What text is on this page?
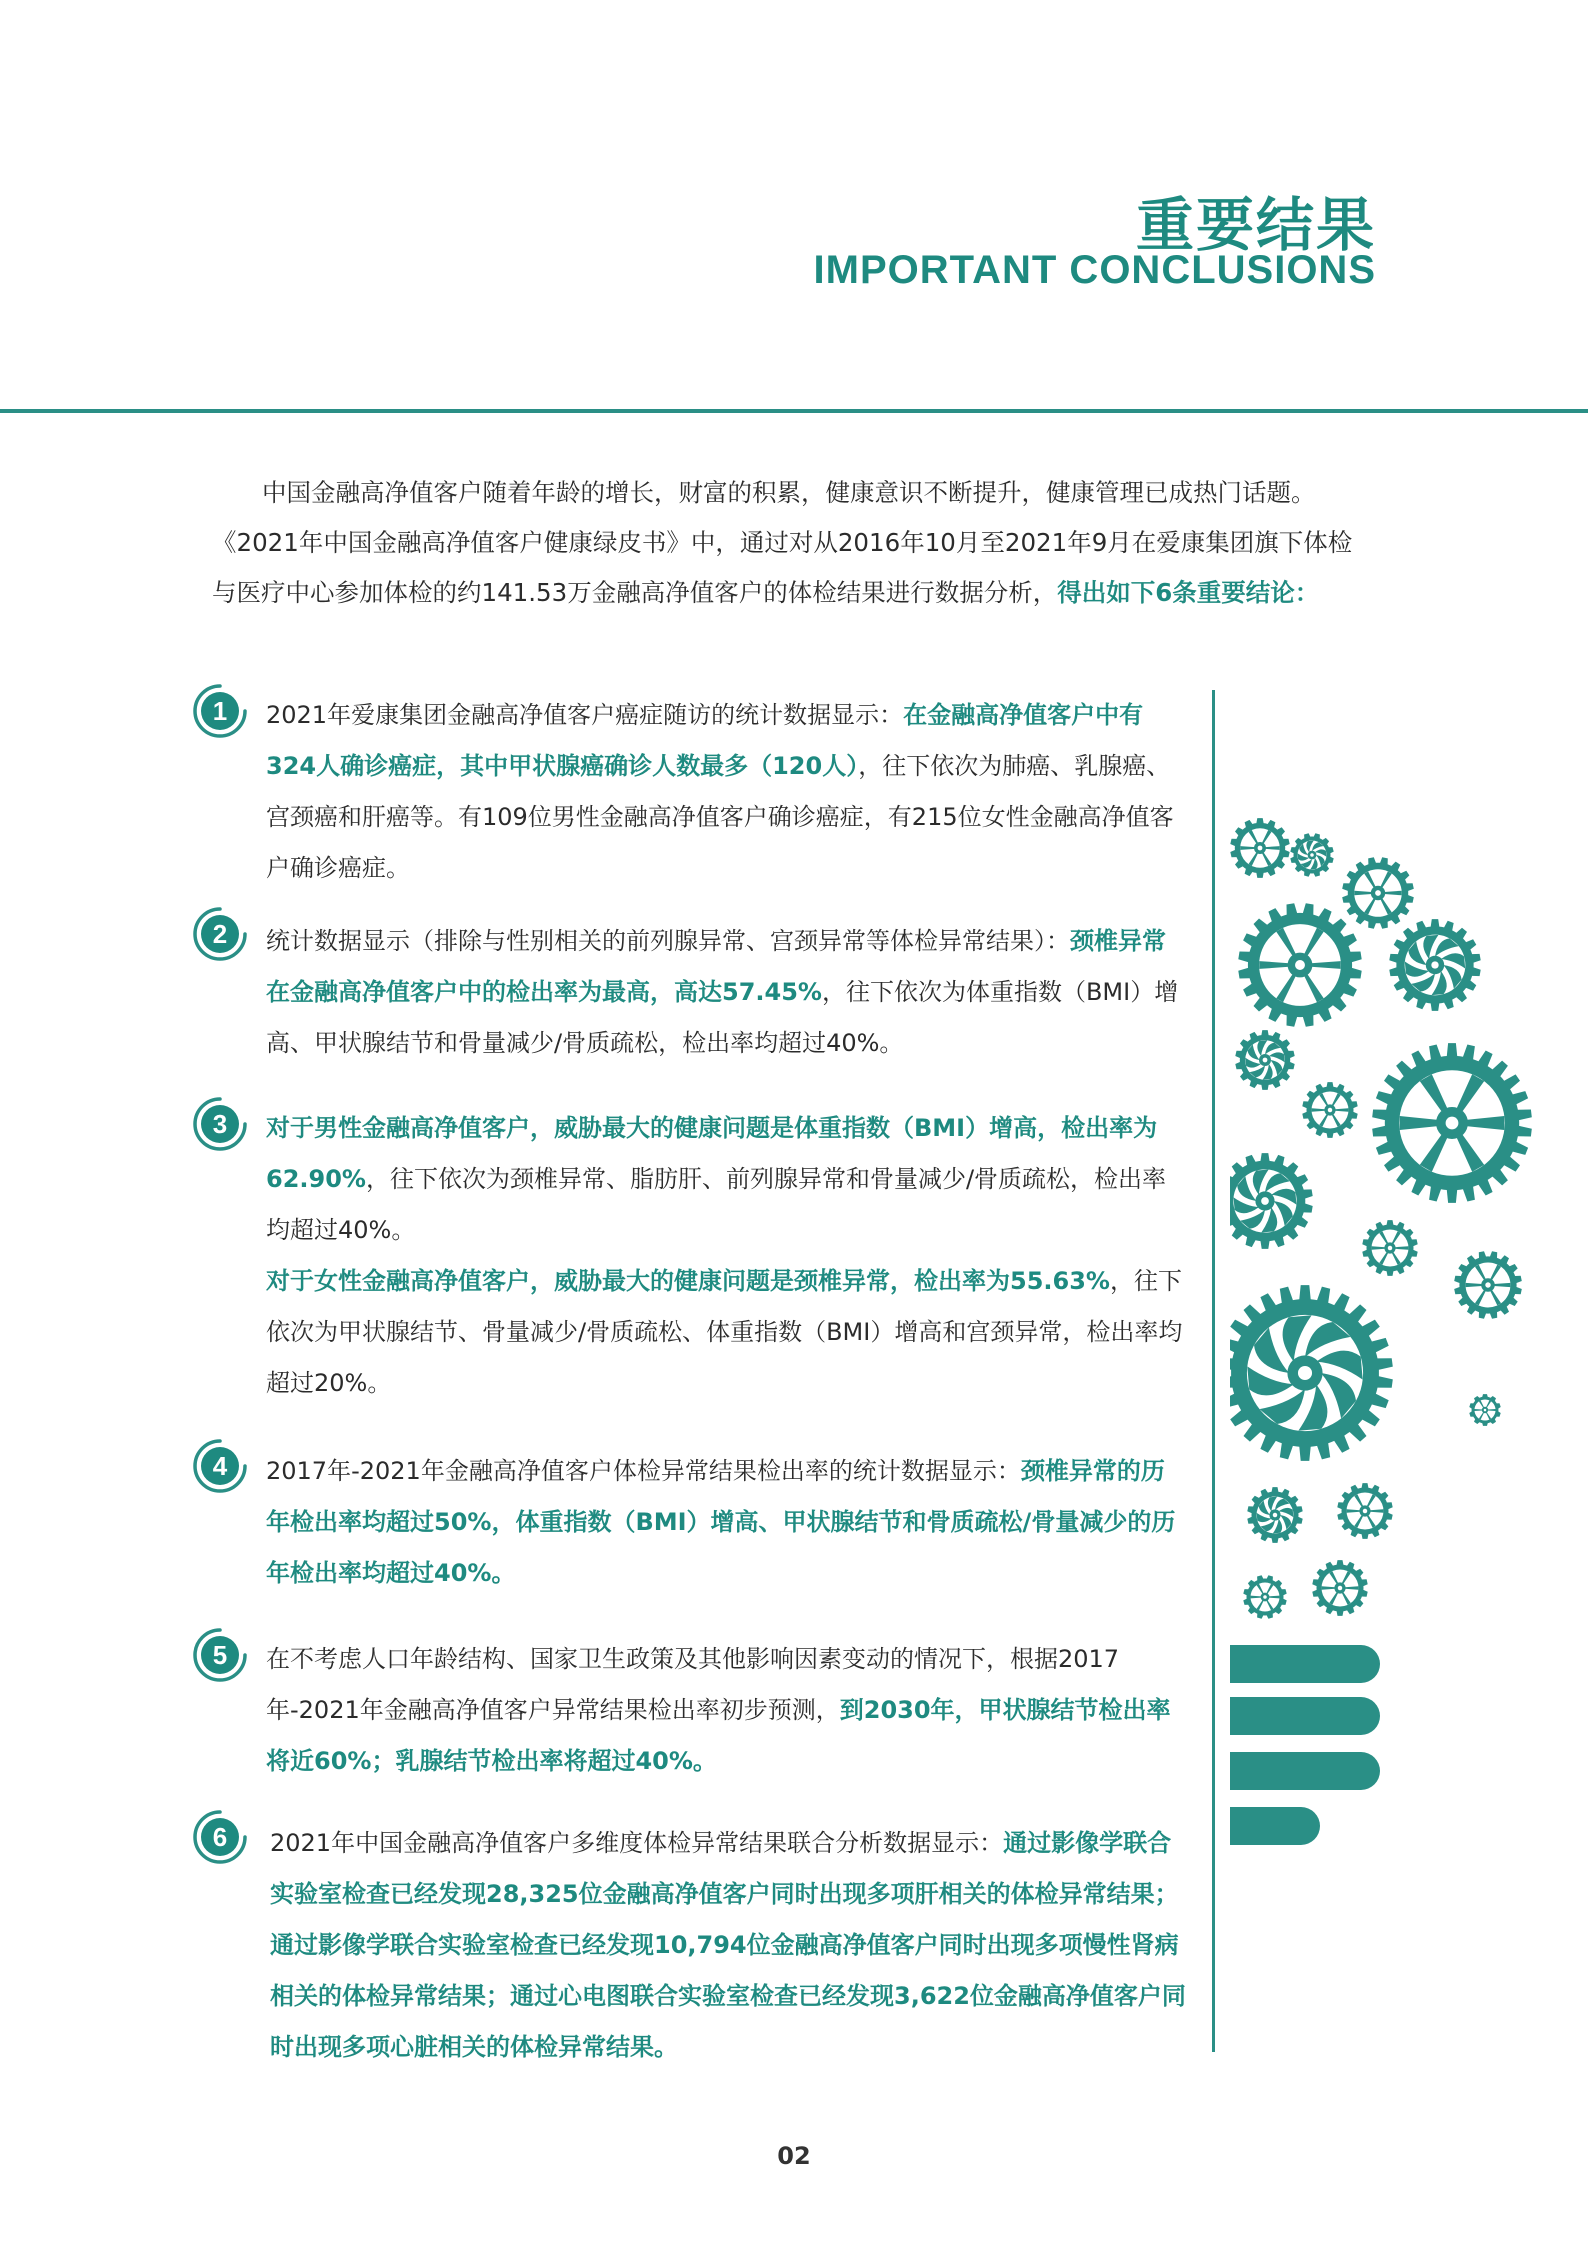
重要结果
IMPORTANT CONCLUSIONS

中国金融高净值客户随着年龄的增长，财富的积累，健康意识不断提升，健康管理已成热门话题。《2021年中国金融高净值客户健康绿皮书》中，通过对从2016年10月至2021年9月在爱康集团旗下体检与医疗中心参加体检的约141.53万金融高净值客户的体检结果进行数据分析，得出如下6条重要结论：

1 2021年爱康集团金融高净值客户癌症随访的统计数据显示：在金融高净值客户中有324人确诊癌症，其中甲状腺癌确诊人数最多（120人），往下依次为肺癌、乳腺癌、宫颈癌和肝癌等。有109位男性金融高净值客户确诊癌症，有215位女性金融高净值客户确诊癌症。

2 统计数据显示（排除与性别相关的前列腺异常、宫颈异常等体检异常结果）：颈椎异常在金融高净值客户中的检出率为最高，高达57.45%，往下依次为体重指数（BMI）增高、甲状腺结节和骨量减少/骨质疏松，检出率均超过40%。

3 对于男性金融高净值客户，威胁最大的健康问题是体重指数（BMI）增高，检出率为62.90%，往下依次为颈椎异常、脂肪肝、前列腺异常和骨量减少/骨质疏松，检出率均超过40%。

对于女性金融高净值客户，威胁最大的健康问题是颈椎异常，检出率为55.63%，往下依次为甲状腺结节、骨量减少/骨质疏松、体重指数（BMI）增高和宫颈异常，检出率均超过20%。

4 2017年-2021年金融高净值客户体检异常结果检出率的统计数据显示：颈椎异常的历年检出率均超过50%，体重指数（BMI）增高、甲状腺结节和骨质疏松/骨量减少的历年检出率均超过40%。

5 在不考虑人口年龄结构、国家卫生政策及其他影响因素变动的情况下，根据2017年-2021年金融高净值客户异常结果检出率初步预测，到2030年，甲状腺结节检出率将近60%；乳腺结节检出率将超过40%。

6 2021年中国金融高净值客户多维度体检异常结果联合分析数据显示：通过影像学联合实验室检查已经发现28,325位金融高净值客户同时出现多项肝相关的体检异常结果；通过影像学联合实验室检查已经发现10,794位金融高净值客户同时出现多项慢性肾病相关的体检异常结果；通过心电图联合实验室检查已经发现3,622位金融高净值客户同时出现多项心脏相关的体检异常结果。

02
